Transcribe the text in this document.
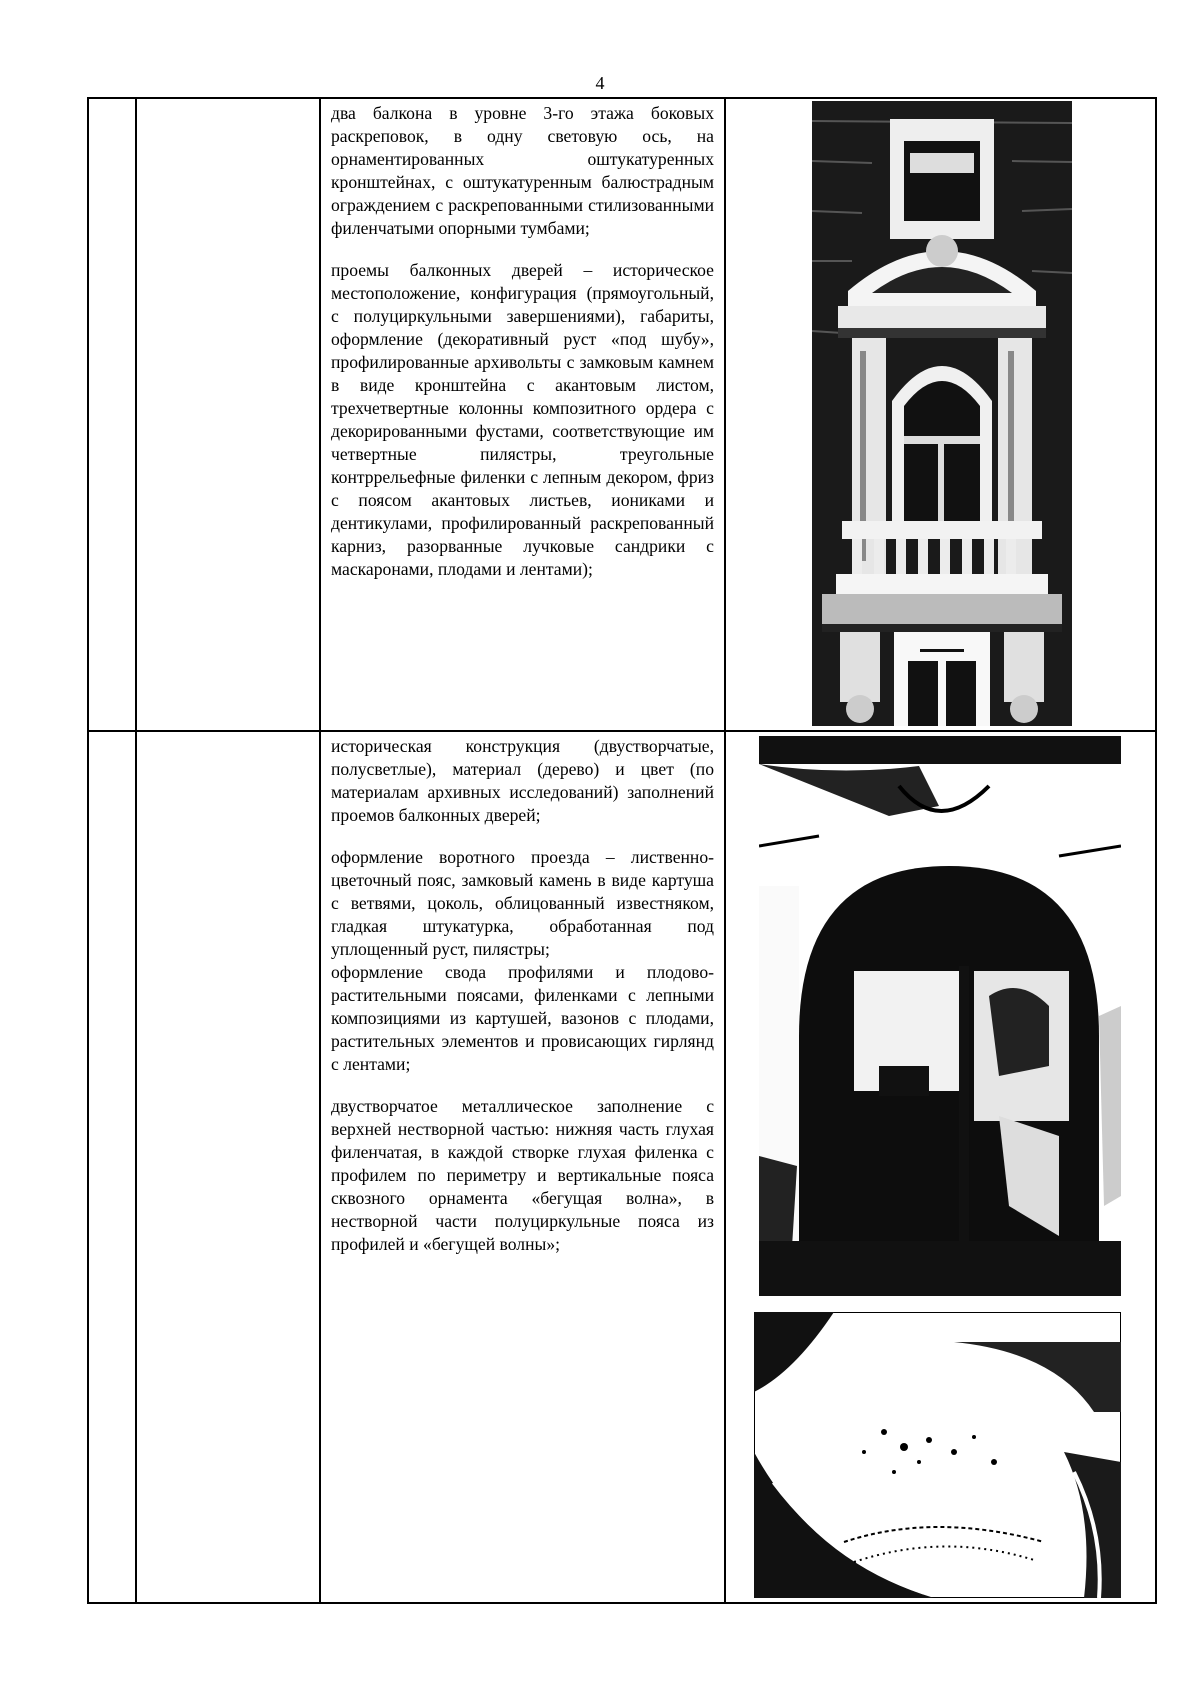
4

		два балкона в уровне 3-го этажа боковых раскреповок, в одну световую ось, на орнаментированных оштукатуренных кронштейнах, с оштукатуренным балюстрадным ограждением с раскрепованными стилизованными филенчатыми опорными тумбами;

проемы балконных дверей – историческое местоположение, конфигурация (прямоугольный, с полуциркульными завершениями), габариты, оформление (декоративный руст «под шубу», профилированные архивольты с замковым камнем в виде кронштейна с акантовым листом, трехчетвертные колонны композитного ордера с декорированными фустами, соответствующие им четвертные пилястры, треугольные контррельефные филенки с лепным декором, фриз с поясом акантовых листьев, иониками и дентикулами, профилированный раскрепованный карниз, разорванные лучковые сандрики с маскаронами, плодами и лентами);

		историческая конструкция (двустворчатые, полусветлые), материал (дерево) и цвет (по материалам архивных исследований) заполнений проемов балконных дверей;

оформление воротного проезда – лиственно-цветочный пояс, замковый камень в виде картуша с ветвями, цоколь, облицованный известняком, гладкая штукатурка, обработанная под уплощенный руст, пилястры;

оформление свода профилями и плодово-растительными поясами, филенками с лепными композициями из картушей, вазонов с плодами, растительных элементов и провисающих гирлянд с лентами;

двустворчатое металлическое заполнение с верхней нестворной частью: нижняя часть глухая филенчатая, в каждой створке глухая филенка с профилем по периметру и вертикальные пояса сквозного орнамента «бегущая волна», в нестворной части полуциркульные пояса из профилей и «бегущей волны»;
